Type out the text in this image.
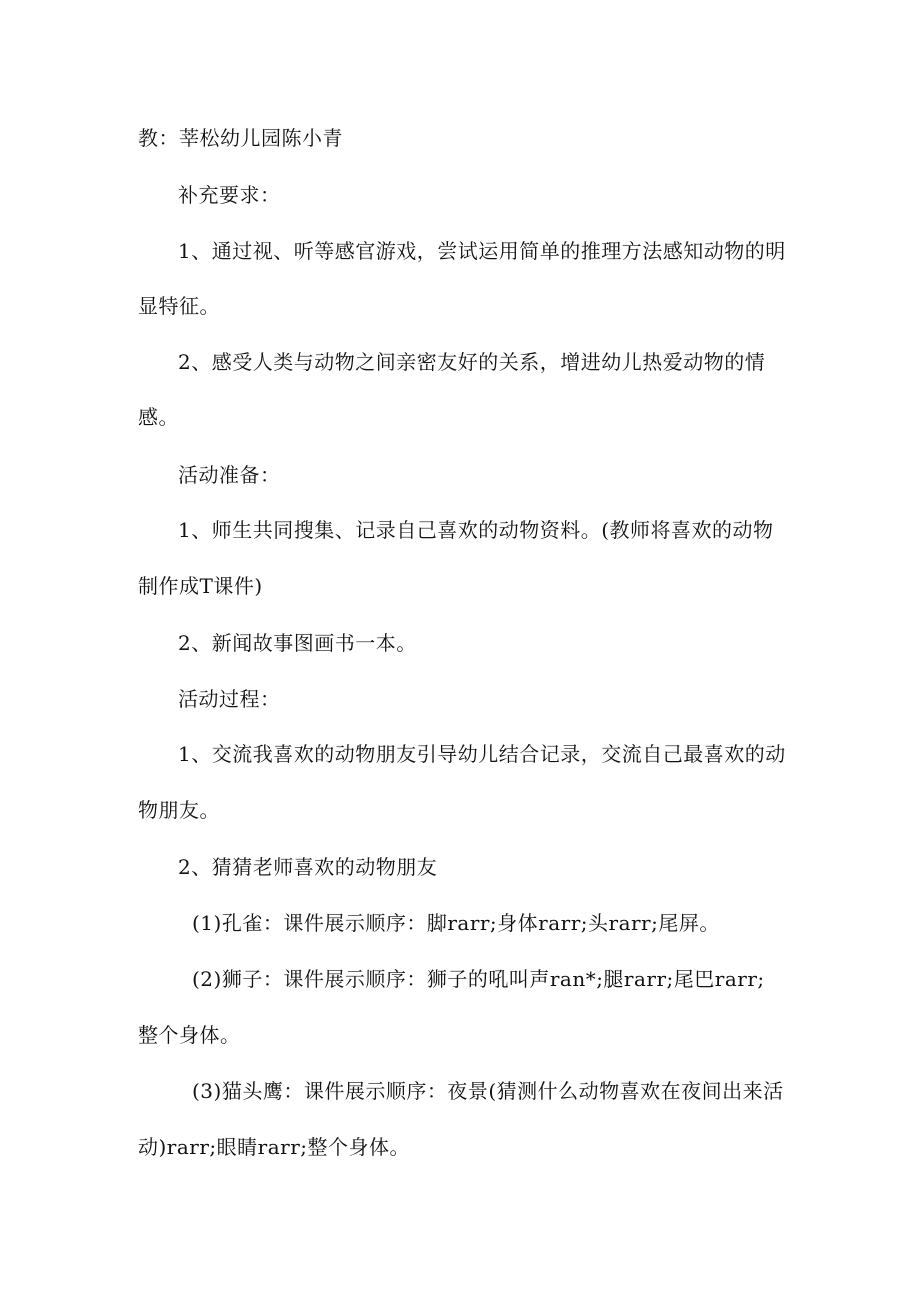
教：莘松幼儿园陈小青
补充要求：
1、通过视、听等感官游戏，尝试运用简单的推理方法感知动物的明
显特征。
2、感受人类与动物之间亲密友好的关系，增进幼儿热爱动物的情
感。
活动准备：
1、师生共同搜集、记录自己喜欢的动物资料。(教师将喜欢的动物
制作成T课件)
2、新闻故事图画书一本。
活动过程：
1、交流我喜欢的动物朋友引导幼儿结合记录，交流自己最喜欢的动
物朋友。
2、猜猜老师喜欢的动物朋友
(1)孔雀：课件展示顺序：脚rarr;身体rarr;头rarr;尾屏。
(2)狮子：课件展示顺序：狮子的吼叫声ran*;腿rarr;尾巴rarr;
整个身体。
(3)猫头鹰：课件展示顺序：夜景(猜测什么动物喜欢在夜间出来活
动)rarr;眼睛rarr;整个身体。
